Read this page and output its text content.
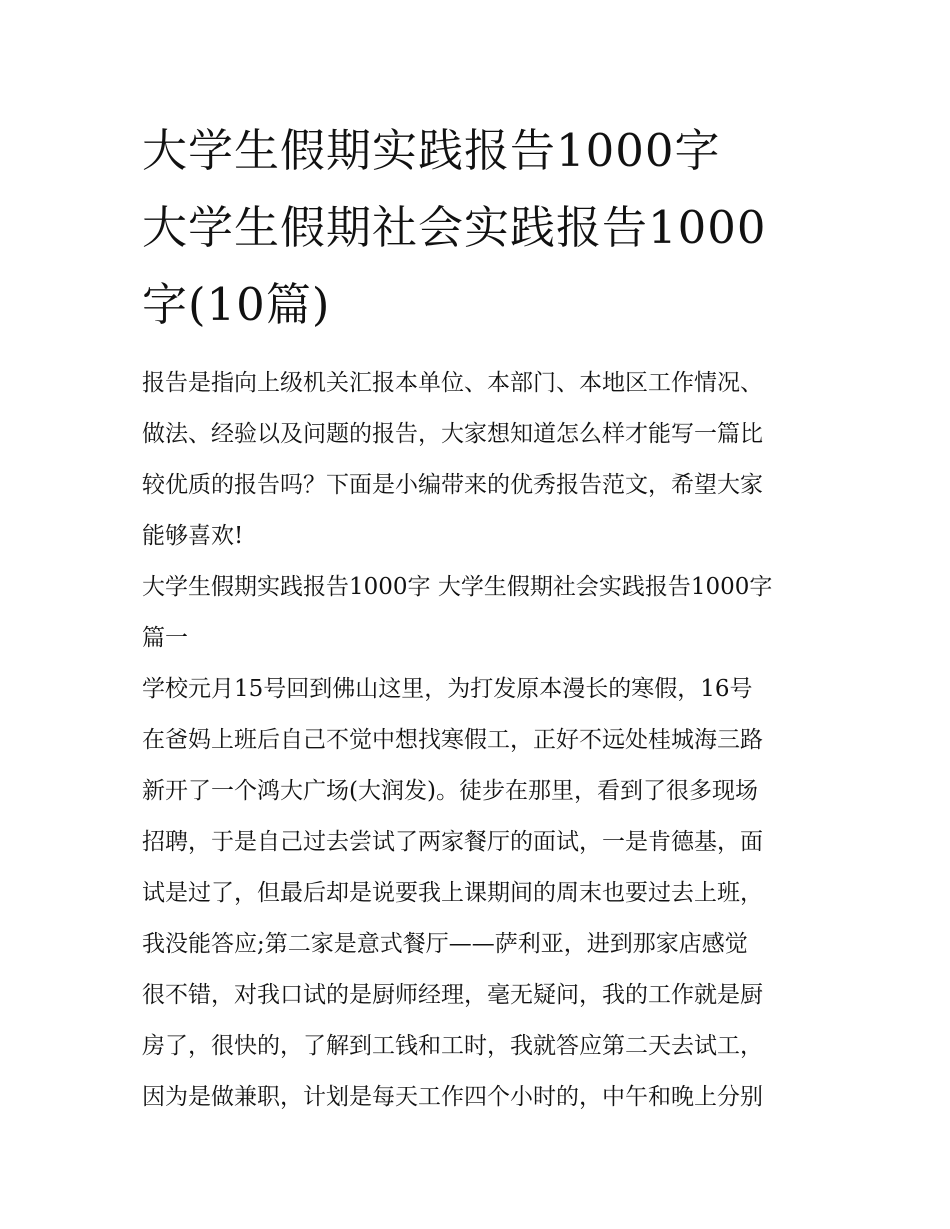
大学生假期实践报告1000字
大学生假期社会实践报告1000
字(10篇)
报告是指向上级机关汇报本单位、本部门、本地区工作情况、
做法、经验以及问题的报告，大家想知道怎么样才能写一篇比
较优质的报告吗？下面是小编带来的优秀报告范文，希望大家
能够喜欢!
大学生假期实践报告1000字 大学生假期社会实践报告1000字
篇一
学校元月15号回到佛山这里，为打发原本漫长的寒假，16号
在爸妈上班后自己不觉中想找寒假工，正好不远处桂城海三路
新开了一个鸿大广场(大润发)。徒步在那里，看到了很多现场
招聘，于是自己过去尝试了两家餐厅的面试，一是肯德基，面
试是过了，但最后却是说要我上课期间的周末也要过去上班，
我没能答应;第二家是意式餐厅——萨利亚，进到那家店感觉
很不错，对我口试的是厨师经理，毫无疑问，我的工作就是厨
房了，很快的，了解到工钱和工时，我就答应第二天去试工，
因为是做兼职，计划是每天工作四个小时的，中午和晚上分别
